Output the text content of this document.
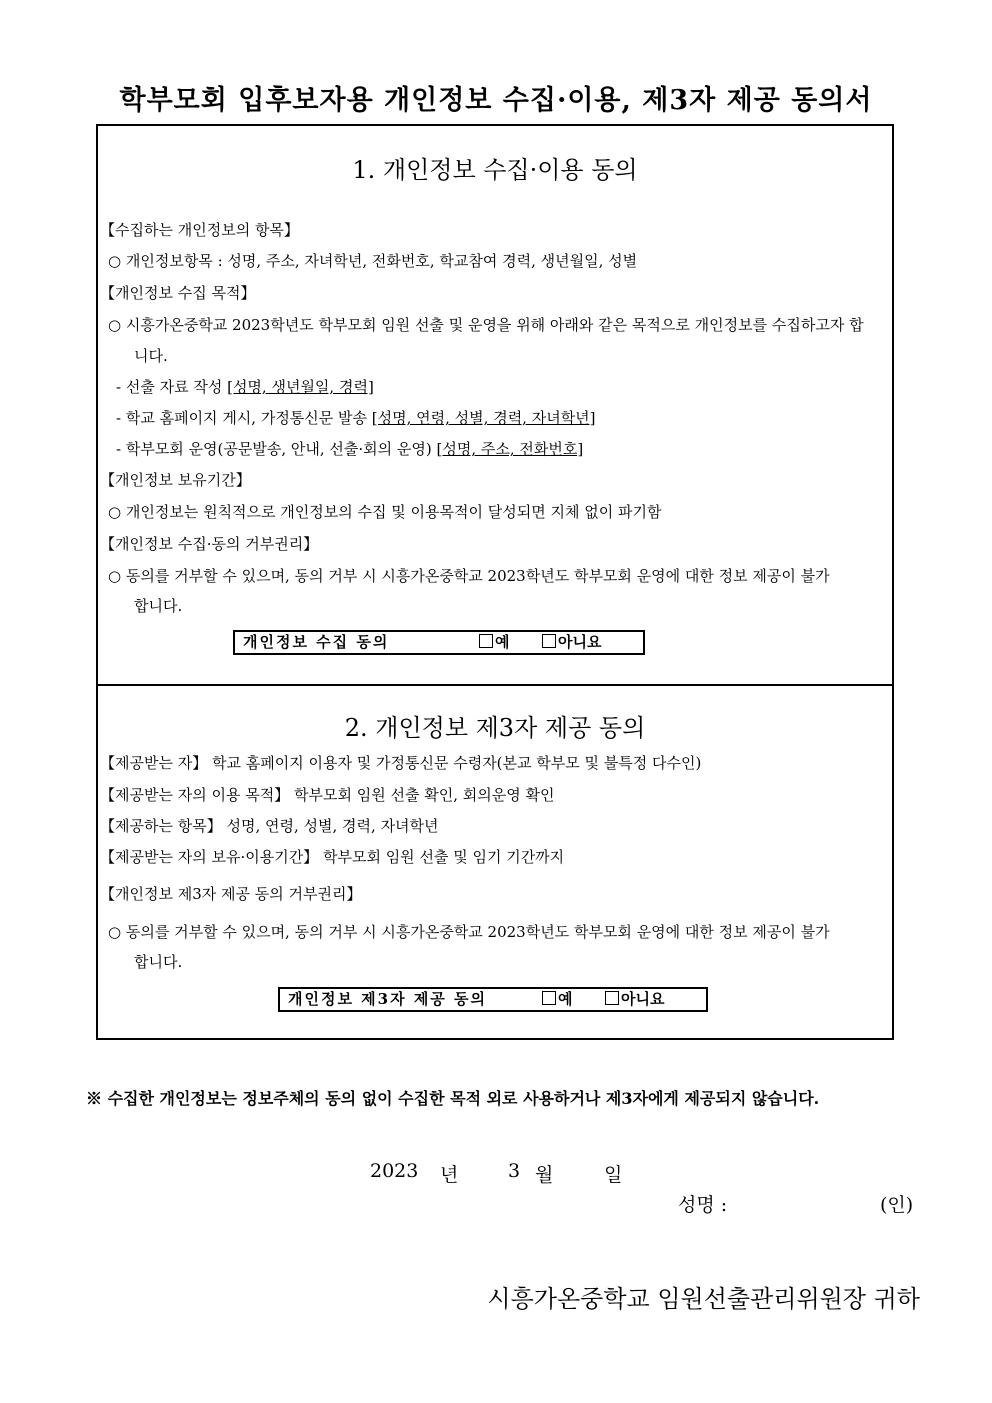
학부모회 입후보자용 개인정보 수집·이용, 제3자 제공 동의서
1. 개인정보 수집·이용 동의
【수집하는 개인정보의 항목】
○ 개인정보항목 : 성명, 주소, 자녀학년, 전화번호, 학교참여 경력, 생년월일, 성별
【개인정보 수집 목적】
○ 시흥가온중학교 2023학년도 학부모회 임원 선출 및 운영을 위해 아래와 같은 목적으로 개인정보를 수집하고자 합
니다.
- 선출 자료 작성 [성명, 생년월일, 경력]
- 학교 홈페이지 게시, 가정통신문 발송 [성명, 연령, 성별, 경력, 자녀학년]
- 학부모회 운영(공문발송, 안내, 선출·회의 운영) [성명, 주소, 전화번호]
【개인정보 보유기간】
○ 개인정보는 원칙적으로 개인정보의 수집 및 이용목적이 달성되면 지체 없이 파기함
【개인정보 수집·동의 거부권리】
○ 동의를 거부할 수 있으며, 동의 거부 시 시흥가온중학교 2023학년도 학부모회 운영에 대한 정보 제공이 불가
합니다.
개인정보 수집 동의	예	아니요
2. 개인정보 제3자 제공 동의
【제공받는 자】 학교 홈페이지 이용자 및 가정통신문 수령자(본교 학부모 및 불특정 다수인)
【제공받는 자의 이용 목적】 학부모회 임원 선출 확인, 회의운영 확인
【제공하는 항목】 성명, 연령, 성별, 경력, 자녀학년
【제공받는 자의 보유·이용기간】 학부모회 임원 선출 및 임기 기간까지
【개인정보 제3자 제공 동의 거부권리】
○ 동의를 거부할 수 있으며, 동의 거부 시 시흥가온중학교 2023학년도 학부모회 운영에 대한 정보 제공이 불가
합니다.
개인정보 제3자 제공 동의	예	아니요
※ 수집한 개인정보는 정보주체의 동의 없이 수집한 목적 외로 사용하거나 제3자에게 제공되지 않습니다.
2023 년	3 월	일
성명 :	(인)
시흥가온중학교 임원선출관리위원장 귀하
